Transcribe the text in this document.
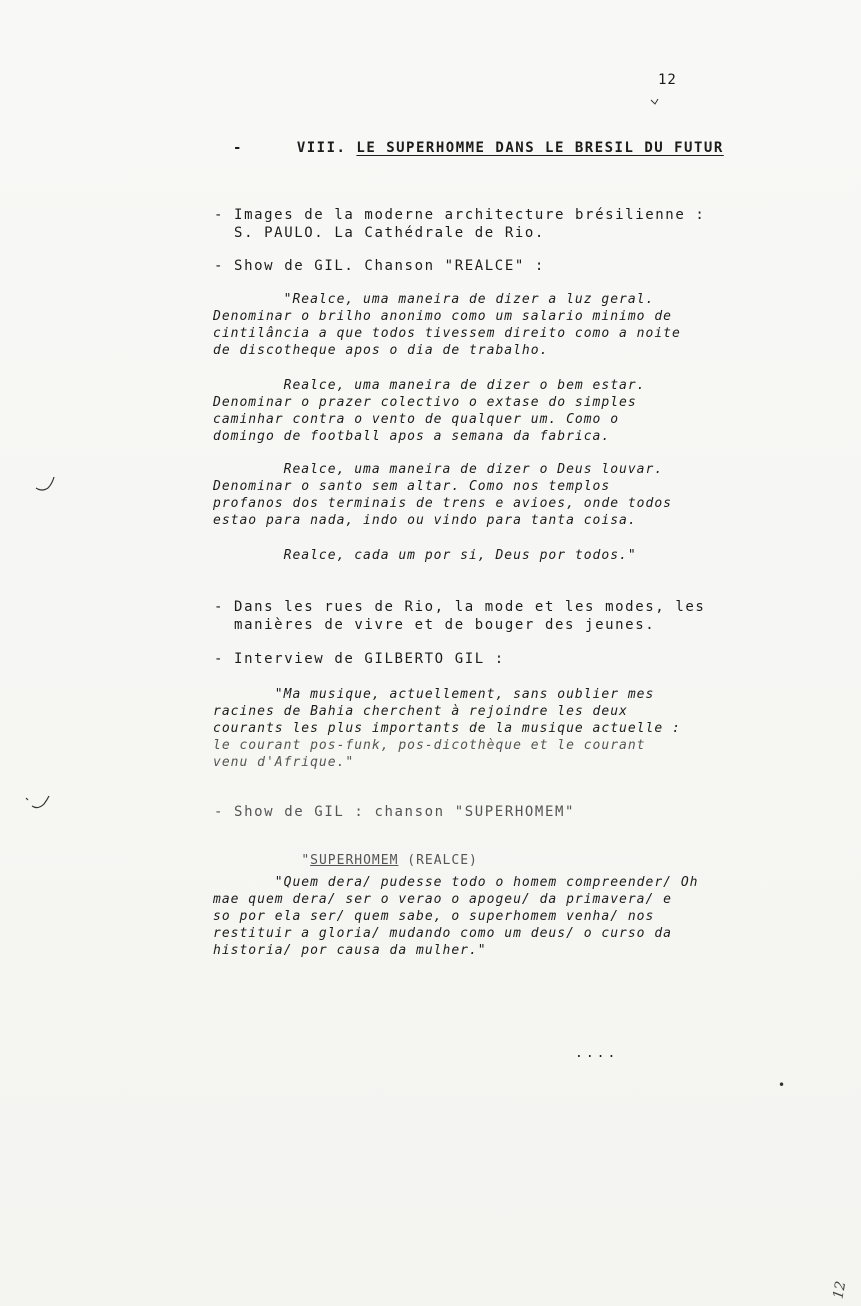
12
-	VIII. LE SUPERHOMME DANS LE BRESIL DU FUTUR
- Images de la moderne architecture brésilienne :
S. PAULO. La Cathédrale de Rio.
- Show de GIL. Chanson "REALCE" :
"Realce, uma maneira de dizer a luz geral.
Denominar o brilho anonimo como um salario minimo de
cintilância a que todos tivessem direito como a noite
de discotheque apos o dia de trabalho.
Realce, uma maneira de dizer o bem estar.
Denominar o prazer colectivo o extase do simples
caminhar contra o vento de qualquer um. Como o
domingo de football apos a semana da fabrica.
Realce, uma maneira de dizer o Deus louvar.
Denominar o santo sem altar. Como nos templos
profanos dos terminais de trens e avioes, onde todos
estao para nada, indo ou vindo para tanta coisa.
Realce, cada um por si, Deus por todos."
- Dans les rues de Rio, la mode et les modes, les
manières de vivre et de bouger des jeunes.
- Interview de GILBERTO GIL :
"Ma musique, actuellement, sans oublier mes
racines de Bahia cherchent à rejoindre les deux
courants les plus importants de la musique actuelle :
le courant pos-funk, pos-dicothèque et le courant
venu d'Afrique."
- Show de GIL : chanson "SUPERHOMEM"

"SUPERHOMEM (REALCE)

"Quem dera/ pudesse todo o homem compreender/ Oh
mae quem dera/ ser o verao o apogeu/ da primavera/ e
so por ela ser/ quem sabe, o superhomem venha/ nos
restituir a gloria/ mudando como um deus/ o curso da
historia/ por causa da mulher."
....
•
12
